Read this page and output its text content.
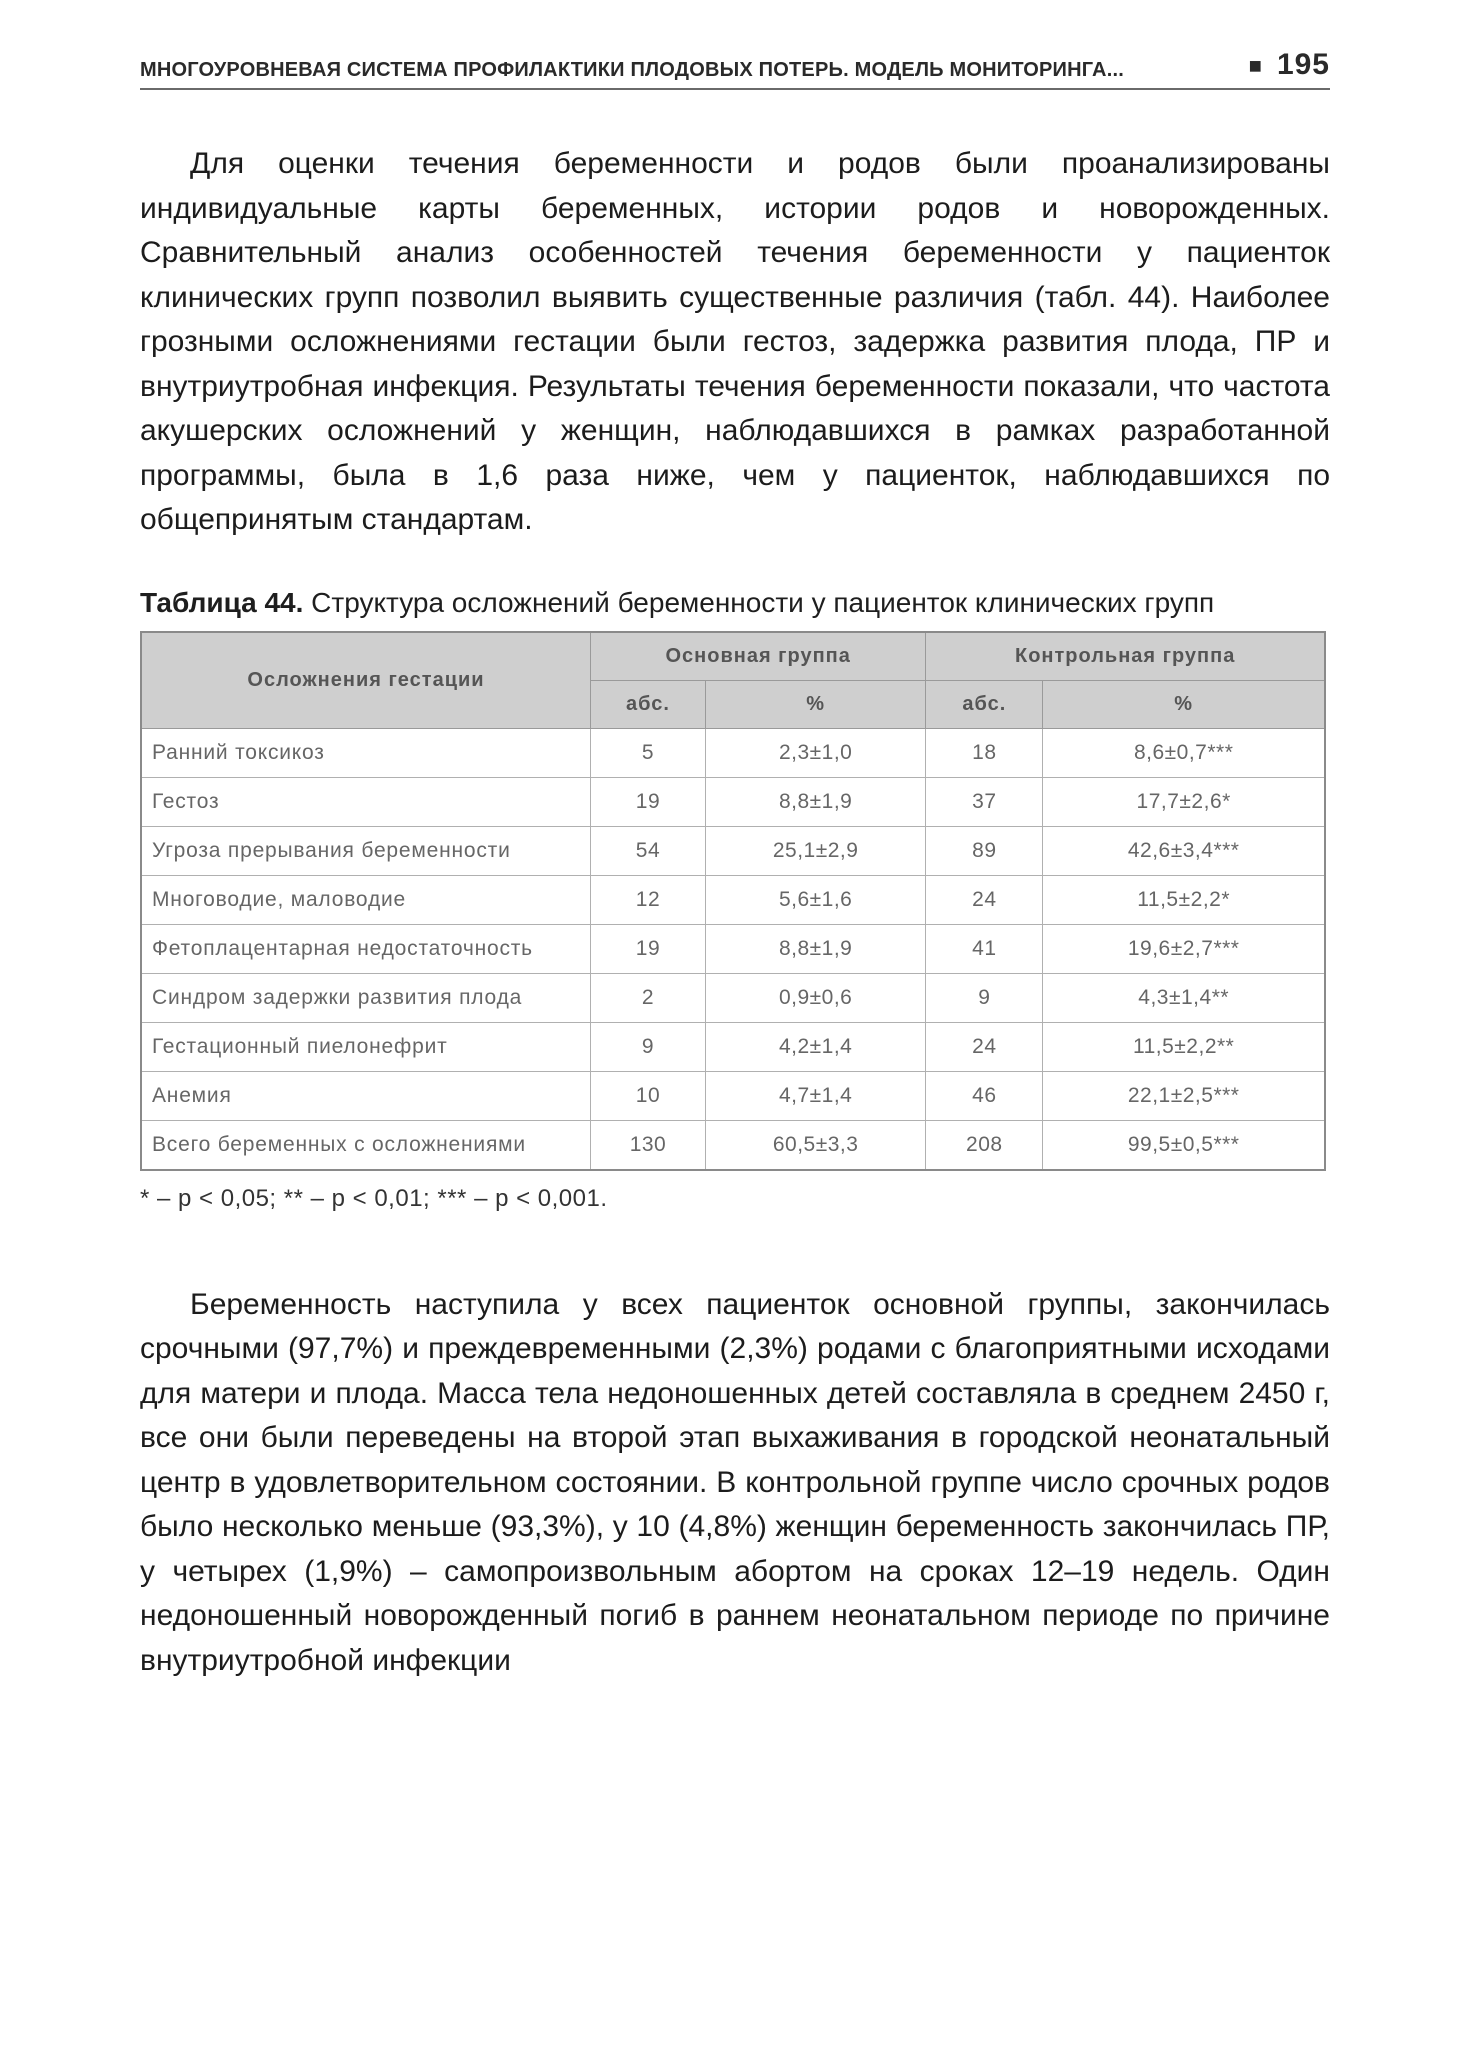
МНОГОУРОВНЕВАЯ СИСТЕМА ПРОФИЛАКТИКИ ПЛОДОВЫХ ПОТЕРЬ. МОДЕЛЬ МОНИТОРИНГА...	■ 195

Для оценки течения беременности и родов были проанализированы индивидуальные карты беременных, истории родов и новорожденных. Сравнительный анализ особенностей течения беременности у пациенток клинических групп позволил выявить существенные различия (табл. 44). Наиболее грозными осложнениями гестации были гестоз, задержка развития плода, ПР и внутриутробная инфекция. Результаты течения беременности показали, что частота акушерских осложнений у женщин, наблюдавшихся в рамках разработанной программы, была в 1,6 раза ниже, чем у пациенток, наблюдавшихся по общепринятым стандартам.

Таблица 44. Структура осложнений беременности у пациенток клинических групп
Осложнения гестации	Основная группа		Контрольная группа	
	абс.	%	абс.	%
Ранний токсикоз	5	2,3±1,0	18	8,6±0,7***
Гестоз	19	8,8±1,9	37	17,7±2,6*
Угроза прерывания беременности	54	25,1±2,9	89	42,6±3,4***
Многоводие, маловодие	12	5,6±1,6	24	11,5±2,2*
Фетоплацентарная недостаточность	19	8,8±1,9	41	19,6±2,7***
Синдром задержки развития плода	2	0,9±0,6	9	4,3±1,4**
Гестационный пиелонефрит	9	4,2±1,4	24	11,5±2,2**
Анемия	10	4,7±1,4	46	22,1±2,5***
Всего беременных с осложнениями	130	60,5±3,3	208	99,5±0,5***
* – p < 0,05; ** – p < 0,01; *** – p < 0,001.

Беременность наступила у всех пациенток основной группы, закончилась срочными (97,7%) и преждевременными (2,3%) родами с благоприятными исходами для матери и плода. Масса тела недоношенных детей составляла в среднем 2450 г, все они были переведены на второй этап выхаживания в городской неонатальный центр в удовлетворительном состоянии. В контрольной группе число срочных родов было несколько меньше (93,3%), у 10 (4,8%) женщин беременность закончилась ПР, у четырех (1,9%) – самопроизвольным абортом на сроках 12–19 недель. Один недоношенный новорожденный погиб в раннем неонатальном периоде по причине внутриутробной инфекции
